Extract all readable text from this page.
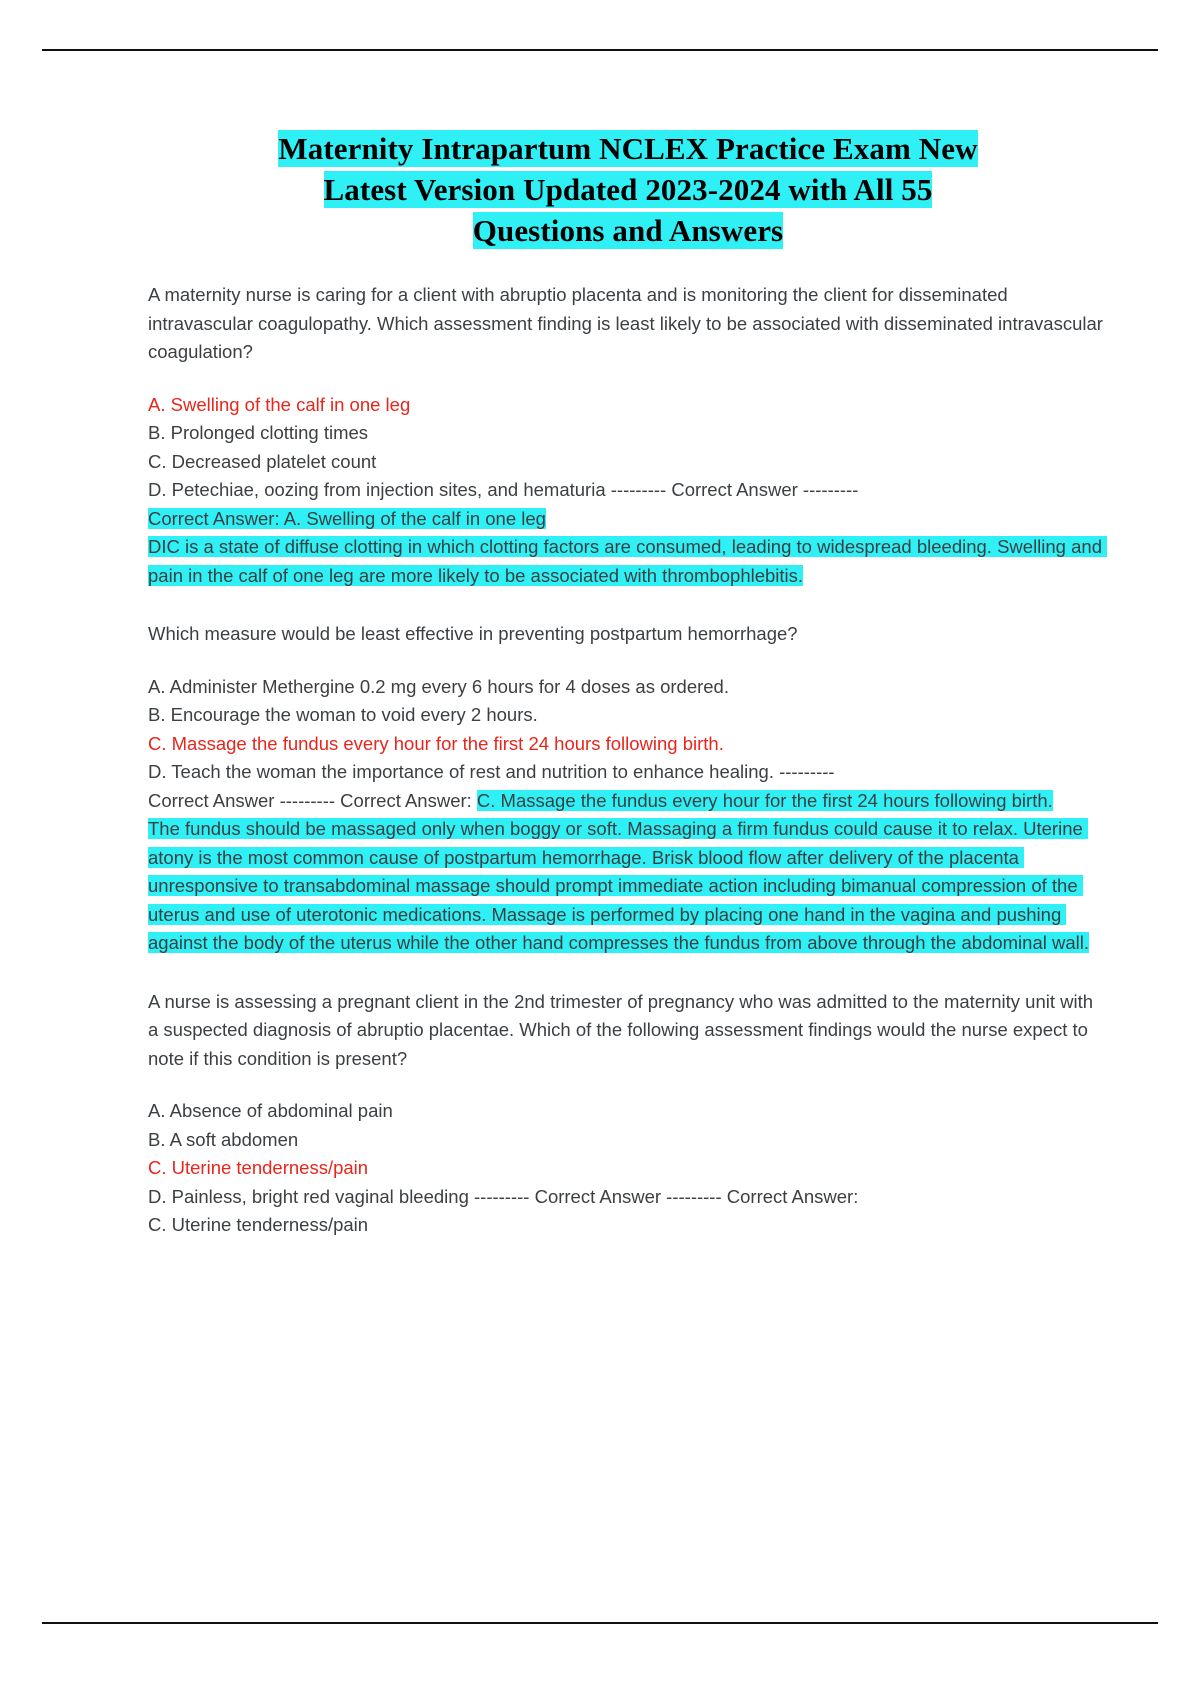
Maternity Intrapartum NCLEX Practice Exam New
Latest Version Updated 2023-2024 with All 55
Questions and Answers
A maternity nurse is caring for a client with abruptio placenta and is monitoring the client for disseminated intravascular coagulopathy. Which assessment finding is least likely to be associated with disseminated intravascular coagulation?
A. Swelling of the calf in one leg
B. Prolonged clotting times
C. Decreased platelet count
D. Petechiae, oozing from injection sites, and hematuria --------- Correct Answer ---------
Correct Answer: A. Swelling of the calf in one leg
DIC is a state of diffuse clotting in which clotting factors are consumed, leading to widespread bleeding. Swelling and pain in the calf of one leg are more likely to be associated with thrombophlebitis.
Which measure would be least effective in preventing postpartum hemorrhage?
A. Administer Methergine 0.2 mg every 6 hours for 4 doses as ordered.
B. Encourage the woman to void every 2 hours.
C. Massage the fundus every hour for the first 24 hours following birth.
D. Teach the woman the importance of rest and nutrition to enhance healing. ---------
Correct Answer --------- Correct Answer: C. Massage the fundus every hour for the first 24 hours following birth.
The fundus should be massaged only when boggy or soft. Massaging a firm fundus could cause it to relax. Uterine atony is the most common cause of postpartum hemorrhage. Brisk blood flow after delivery of the placenta unresponsive to transabdominal massage should prompt immediate action including bimanual compression of the uterus and use of uterotonic medications. Massage is performed by placing one hand in the vagina and pushing against the body of the uterus while the other hand compresses the fundus from above through the abdominal wall.
A nurse is assessing a pregnant client in the 2nd trimester of pregnancy who was admitted to the maternity unit with a suspected diagnosis of abruptio placentae. Which of the following assessment findings would the nurse expect to note if this condition is present?
A. Absence of abdominal pain
B. A soft abdomen
C. Uterine tenderness/pain
D. Painless, bright red vaginal bleeding --------- Correct Answer --------- Correct Answer:
C. Uterine tenderness/pain
